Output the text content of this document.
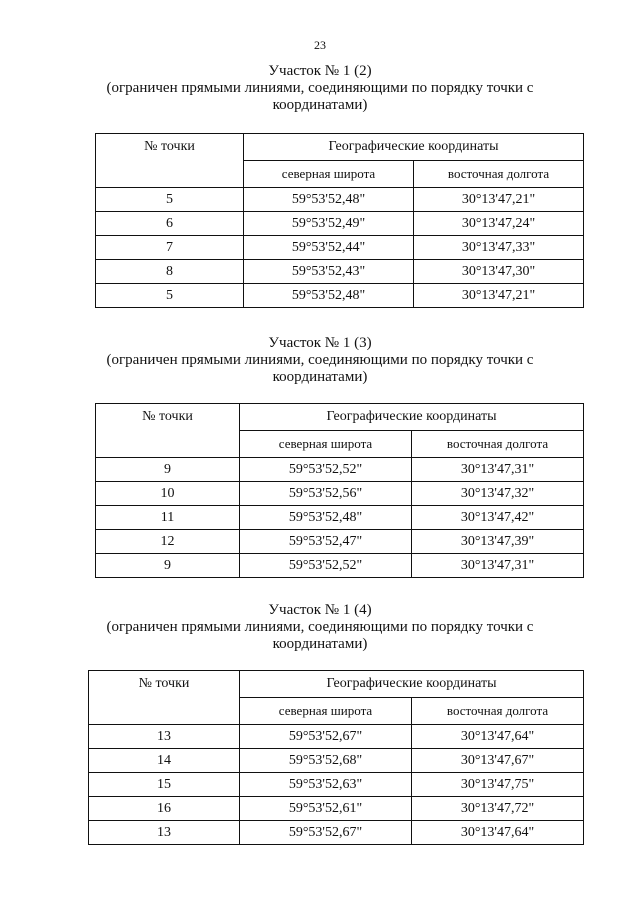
23
Участок № 1 (2)
(ограничен прямыми линиями, соединяющими по порядку точки с
координатами)
№ точки	Географические координаты	
	северная широта	восточная долгота
5	59°53'52,48"	30°13'47,21"
6	59°53'52,49"	30°13'47,24"
7	59°53'52,44"	30°13'47,33"
8	59°53'52,43"	30°13'47,30"
5	59°53'52,48"	30°13'47,21"
Участок № 1 (3)
(ограничен прямыми линиями, соединяющими по порядку точки с
координатами)
№ точки	Географические координаты	
	северная широта	восточная долгота
9	59°53'52,52"	30°13'47,31"
10	59°53'52,56"	30°13'47,32"
11	59°53'52,48"	30°13'47,42"
12	59°53'52,47"	30°13'47,39"
9	59°53'52,52"	30°13'47,31"
Участок № 1 (4)
(ограничен прямыми линиями, соединяющими по порядку точки с
координатами)
№ точки	Географические координаты	
	северная широта	восточная долгота
13	59°53'52,67"	30°13'47,64"
14	59°53'52,68"	30°13'47,67"
15	59°53'52,63"	30°13'47,75"
16	59°53'52,61"	30°13'47,72"
13	59°53'52,67"	30°13'47,64"
